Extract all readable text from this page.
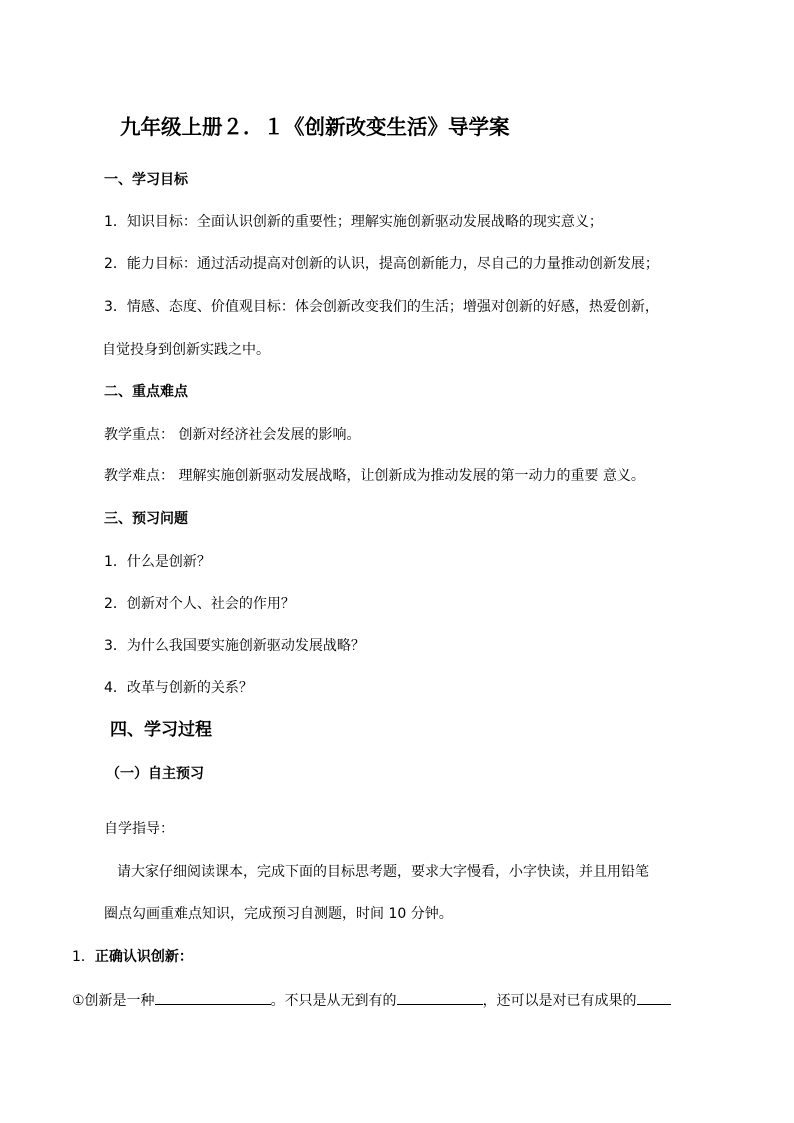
九年级上册２．１《创新改变生活》导学案
一、学习目标
1．知识目标：全面认识创新的重要性；理解实施创新驱动发展战略的现实意义；
2．能力目标：通过活动提高对创新的认识，提高创新能力，尽自己的力量推动创新发展；
3．情感、态度、价值观目标：体会创新改变我们的生活；增强对创新的好感，热爱创新，
自觉投身到创新实践之中。
二、重点难点
教学重点： 创新对经济社会发展的影响。
教学难点： 理解实施创新驱动发展战略，让创新成为推动发展的第一动力的重要 意义。
三、预习问题
1．什么是创新？
2．创新对个人、社会的作用？
3．为什么我国要实施创新驱动发展战略？
4．改革与创新的关系？
四、学习过程
（一）自主预习
自学指导：
请大家仔细阅读课本，完成下面的目标思考题，要求大字慢看，小字快读，并且用铅笔
圈点勾画重难点知识，完成预习自测题，时间 10 分钟。
1．正确认识创新：
①创新是一种	。不只是从无到有的	，还可以是对已有成果的
